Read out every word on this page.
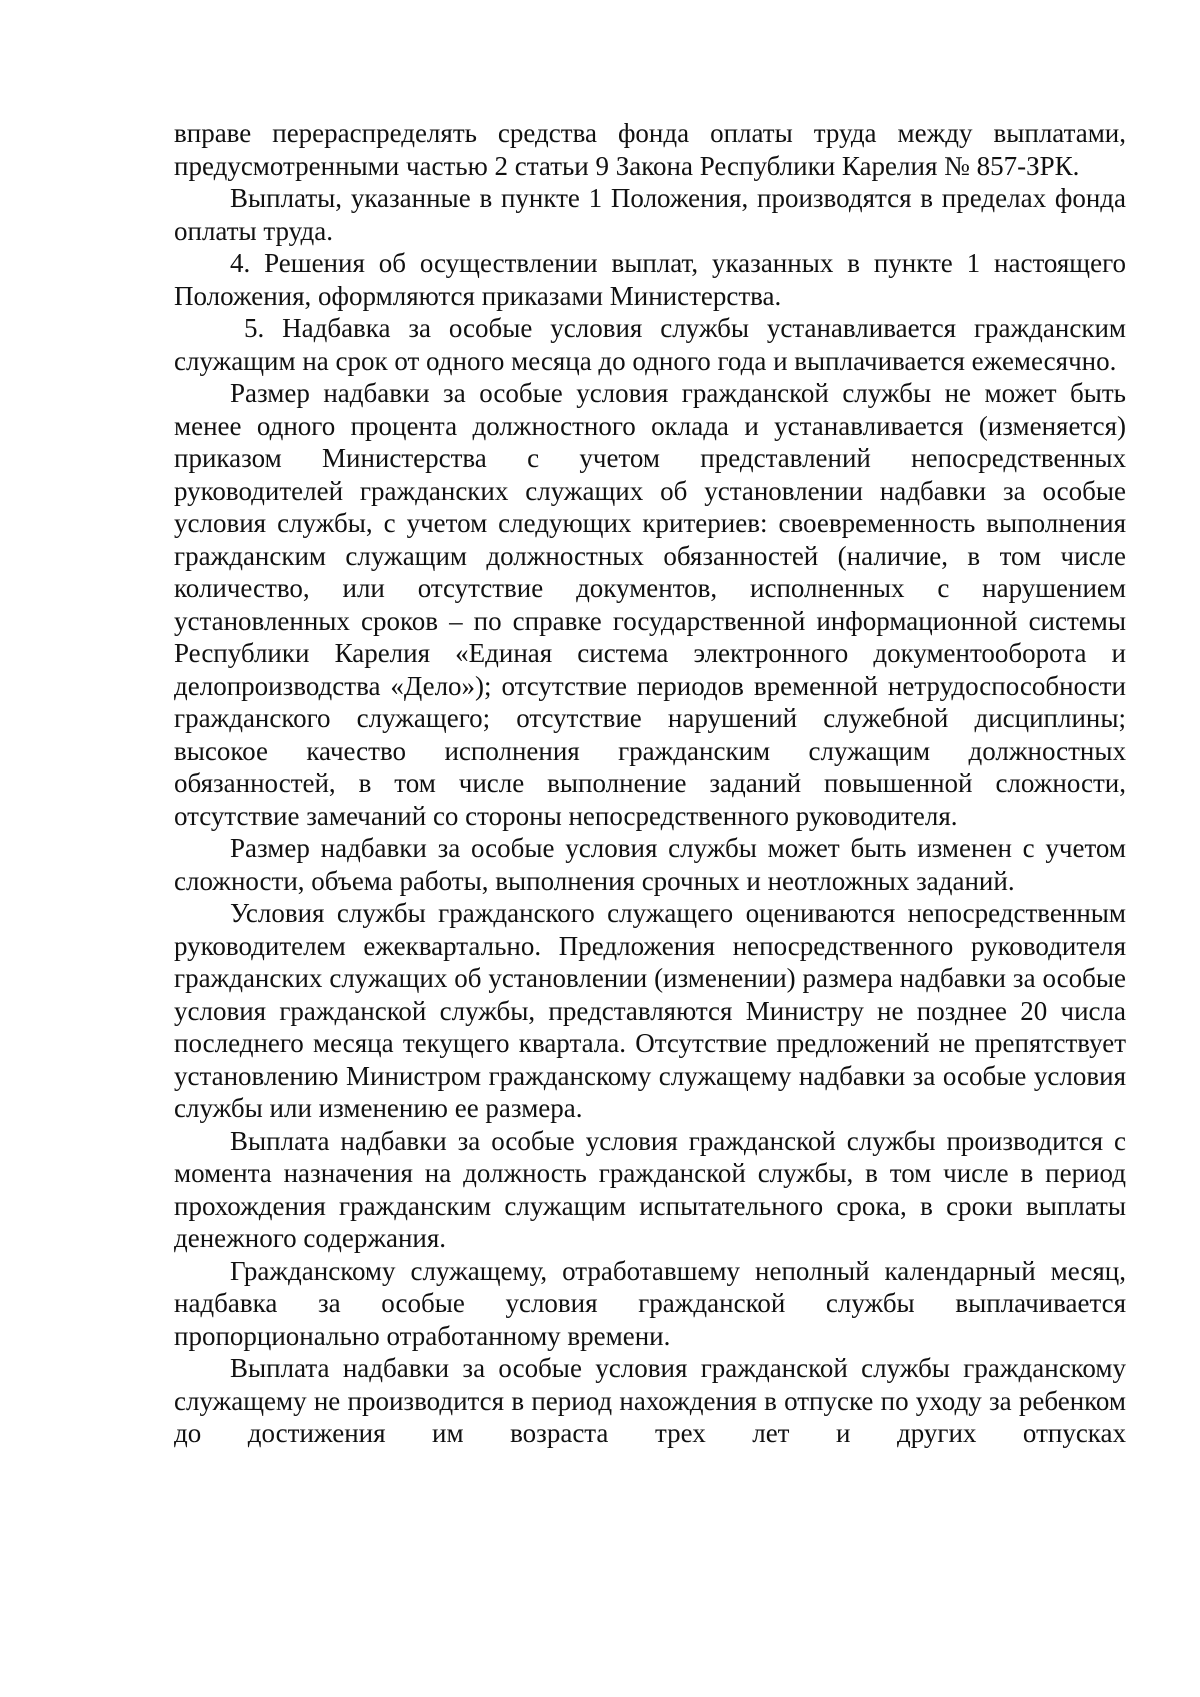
вправе перераспределять средства фонда оплаты труда между выплатами, предусмотренными частью 2 статьи 9 Закона Республики Карелия № 857-ЗРК.

Выплаты, указанные в пункте 1 Положения, производятся в пределах фонда оплаты труда.

4. Решения об осуществлении выплат, указанных в пункте 1 настоящего Положения, оформляются приказами Министерства.

5. Надбавка за особые условия службы устанавливается гражданским служащим на срок от одного месяца до одного года и выплачивается ежемесячно.

Размер надбавки за особые условия гражданской службы не может быть менее одного процента должностного оклада и устанавливается (изменяется) приказом Министерства с учетом представлений непосредственных руководителей гражданских служащих об установлении надбавки за особые условия службы, с учетом следующих критериев: своевременность выполнения гражданским служащим должностных обязанностей (наличие, в том числе количество, или отсутствие документов, исполненных с нарушением установленных сроков – по справке государственной информационной системы Республики Карелия «Единая система электронного документооборота и делопроизводства «Дело»); отсутствие периодов временной нетрудоспособности гражданского служащего; отсутствие нарушений служебной дисциплины; высокое качество исполнения гражданским служащим должностных обязанностей, в том числе выполнение заданий повышенной сложности, отсутствие замечаний со стороны непосредственного руководителя.

Размер надбавки за особые условия службы может быть изменен с учетом сложности, объема работы, выполнения срочных и неотложных заданий.

Условия службы гражданского служащего оцениваются непосредственным руководителем ежеквартально. Предложения непосредственного руководителя гражданских служащих об установлении (изменении) размера надбавки за особые условия гражданской службы, представляются Министру не позднее 20 числа последнего месяца текущего квартала. Отсутствие предложений не препятствует установлению Министром гражданскому служащему надбавки за особые условия службы или изменению ее размера.

Выплата надбавки за особые условия гражданской службы производится с момента назначения на должность гражданской службы, в том числе в период прохождения гражданским служащим испытательного срока, в сроки выплаты денежного содержания.

Гражданскому служащему, отработавшему неполный календарный месяц, надбавка за особые условия гражданской службы выплачивается пропорционально отработанному времени.

Выплата надбавки за особые условия гражданской службы гражданскому служащему не производится в период нахождения в отпуске по уходу за ребенком до достижения им возраста трех лет и других отпусках
